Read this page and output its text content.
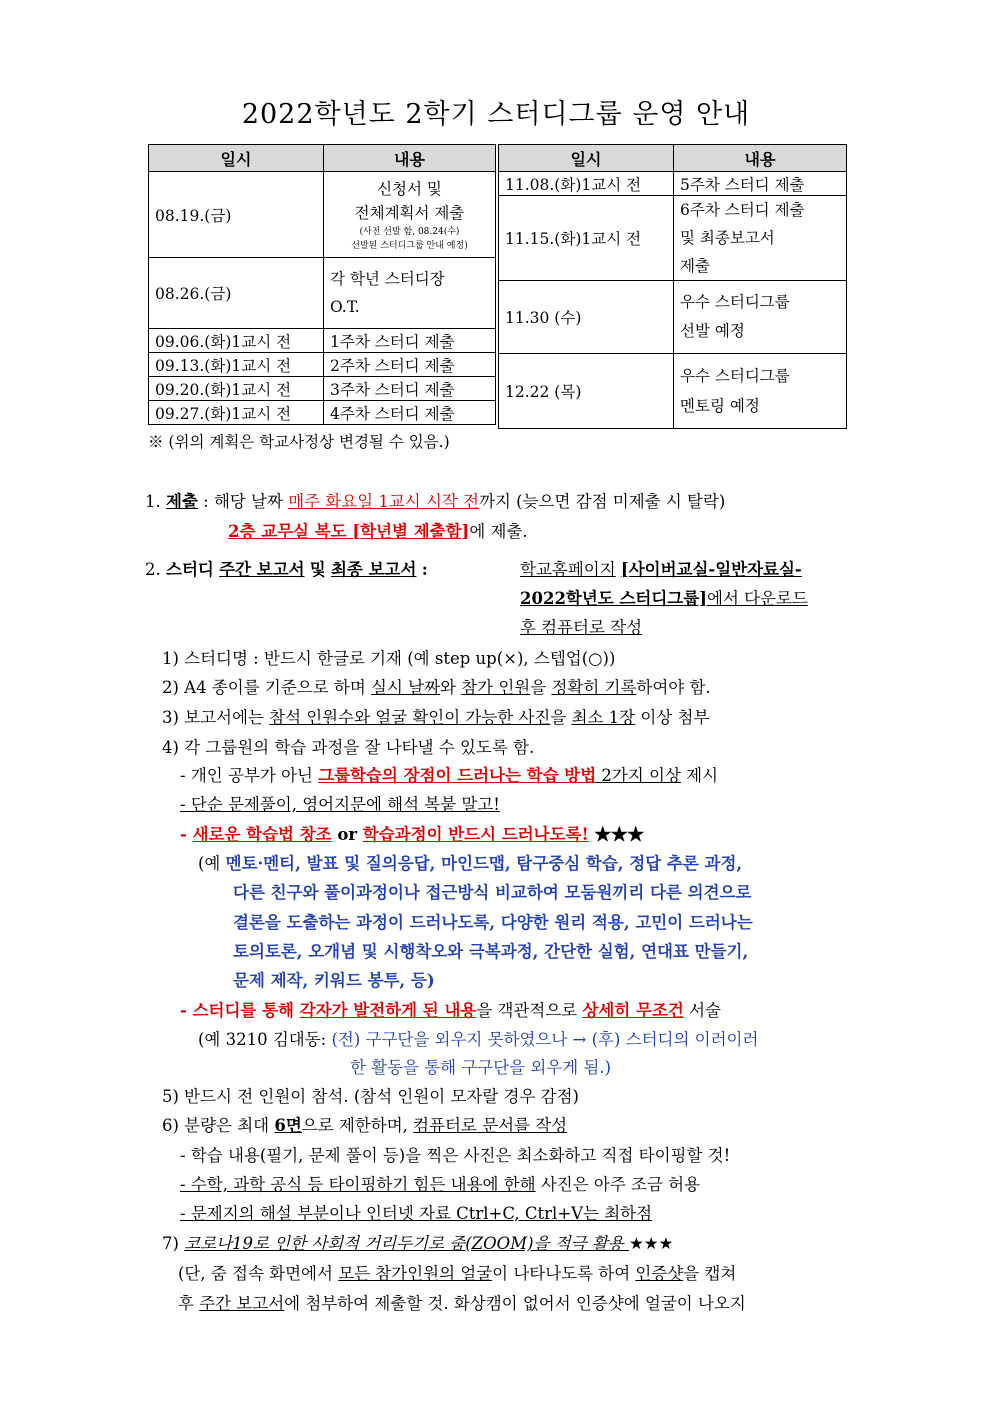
2022학년도 2학기 스터디그룹 운영 안내
일시	내용
08.19.(금)	신청서 및
전체계획서 제출
(사전 선발 함, 08.24(수)
선발된 스터디그룹 안내 예정)

08.26.(금)	각 학년 스터디장
O.T.

09.06.(화)1교시 전	1주차 스터디 제출
09.13.(화)1교시 전	2주차 스터디 제출
09.20.(화)1교시 전	3주차 스터디 제출
09.27.(화)1교시 전	4주차 스터디 제출
일시	내용
11.08.(화)1교시 전	5주차 스터디 제출
11.15.(화)1교시 전	6주차 스터디 제출
및 최종보고서
제출

11.30 (수)	우수 스터디그룹
선발 예정

12.22 (목)	우수 스터디그룹
멘토링 예정
※ (위의 계획은 학교사정상 변경될 수 있음.)
1. 제출 : 해당 날짜 매주 화요일 1교시 시작 전까지 (늦으면 감점 미제출 시 탈락)
2층 교무실 복도 [학년별 제출함]에 제출.
2. 스터디 주간 보고서 및 최종 보고서 :	학교홈페이지 [사이버교실-일반자료실-
2022학년도 스터디그룹]에서 다운로드
후 컴퓨터로 작성
1) 스터디명 : 반드시 한글로 기재 (예 step up(×), 스텝업(○))
2) A4 종이를 기준으로 하며 실시 날짜와 참가 인원을 정확히 기록하여야 함.
3) 보고서에는 참석 인원수와 얼굴 확인이 가능한 사진을 최소 1장 이상 첨부
4) 각 그룹원의 학습 과정을 잘 나타낼 수 있도록 함.
- 개인 공부가 아닌 그룹학습의 장점이 드러나는 학습 방법 2가지 이상 제시
- 단순 문제풀이, 영어지문에 해석 복붙 말고!
- 새로운 학습법 창조 or 학습과정이 반드시 드러나도록! ★★★
(예 멘토·멘티, 발표 및 질의응답, 마인드맵, 탐구중심 학습, 정답 추론 과정,
다른 친구와 풀이과정이나 접근방식 비교하여 모둠원끼리 다른 의견으로
결론을 도출하는 과정이 드러나도록, 다양한 원리 적용, 고민이 드러나는
토의토론, 오개념 및 시행착오와 극복과정, 간단한 실험, 연대표 만들기,
문제 제작, 키워드 봉투, 등)
- 스터디를 통해 각자가 발전하게 된 내용을 객관적으로 상세히 무조건 서술
(예 3210 김대동: (전) 구구단을 외우지 못하였으나 → (후) 스터디의 이러이러
한 활동을 통해 구구단을 외우게 됨.)
5) 반드시 전 인원이 참석. (참석 인원이 모자랄 경우 감점)
6) 분량은 최대 6면으로 제한하며, 컴퓨터로 문서를 작성
- 학습 내용(필기, 문제 풀이 등)을 찍은 사진은 최소화하고 직접 타이핑할 것!
- 수학, 과학 공식 등 타이핑하기 힘든 내용에 한해 사진은 아주 조금 허용
- 문제지의 해설 부분이나 인터넷 자료 Ctrl+C, Ctrl+V는 최하점
7) 코로나19로 인한 사회적 거리두기로 줌(ZOOM)을 적극 활용 ★★★
(단, 줌 접속 화면에서 모든 참가인원의 얼굴이 나타나도록 하여 인증샷을 캡쳐
후 주간 보고서에 첨부하여 제출할 것. 화상캠이 없어서 인증샷에 얼굴이 나오지
